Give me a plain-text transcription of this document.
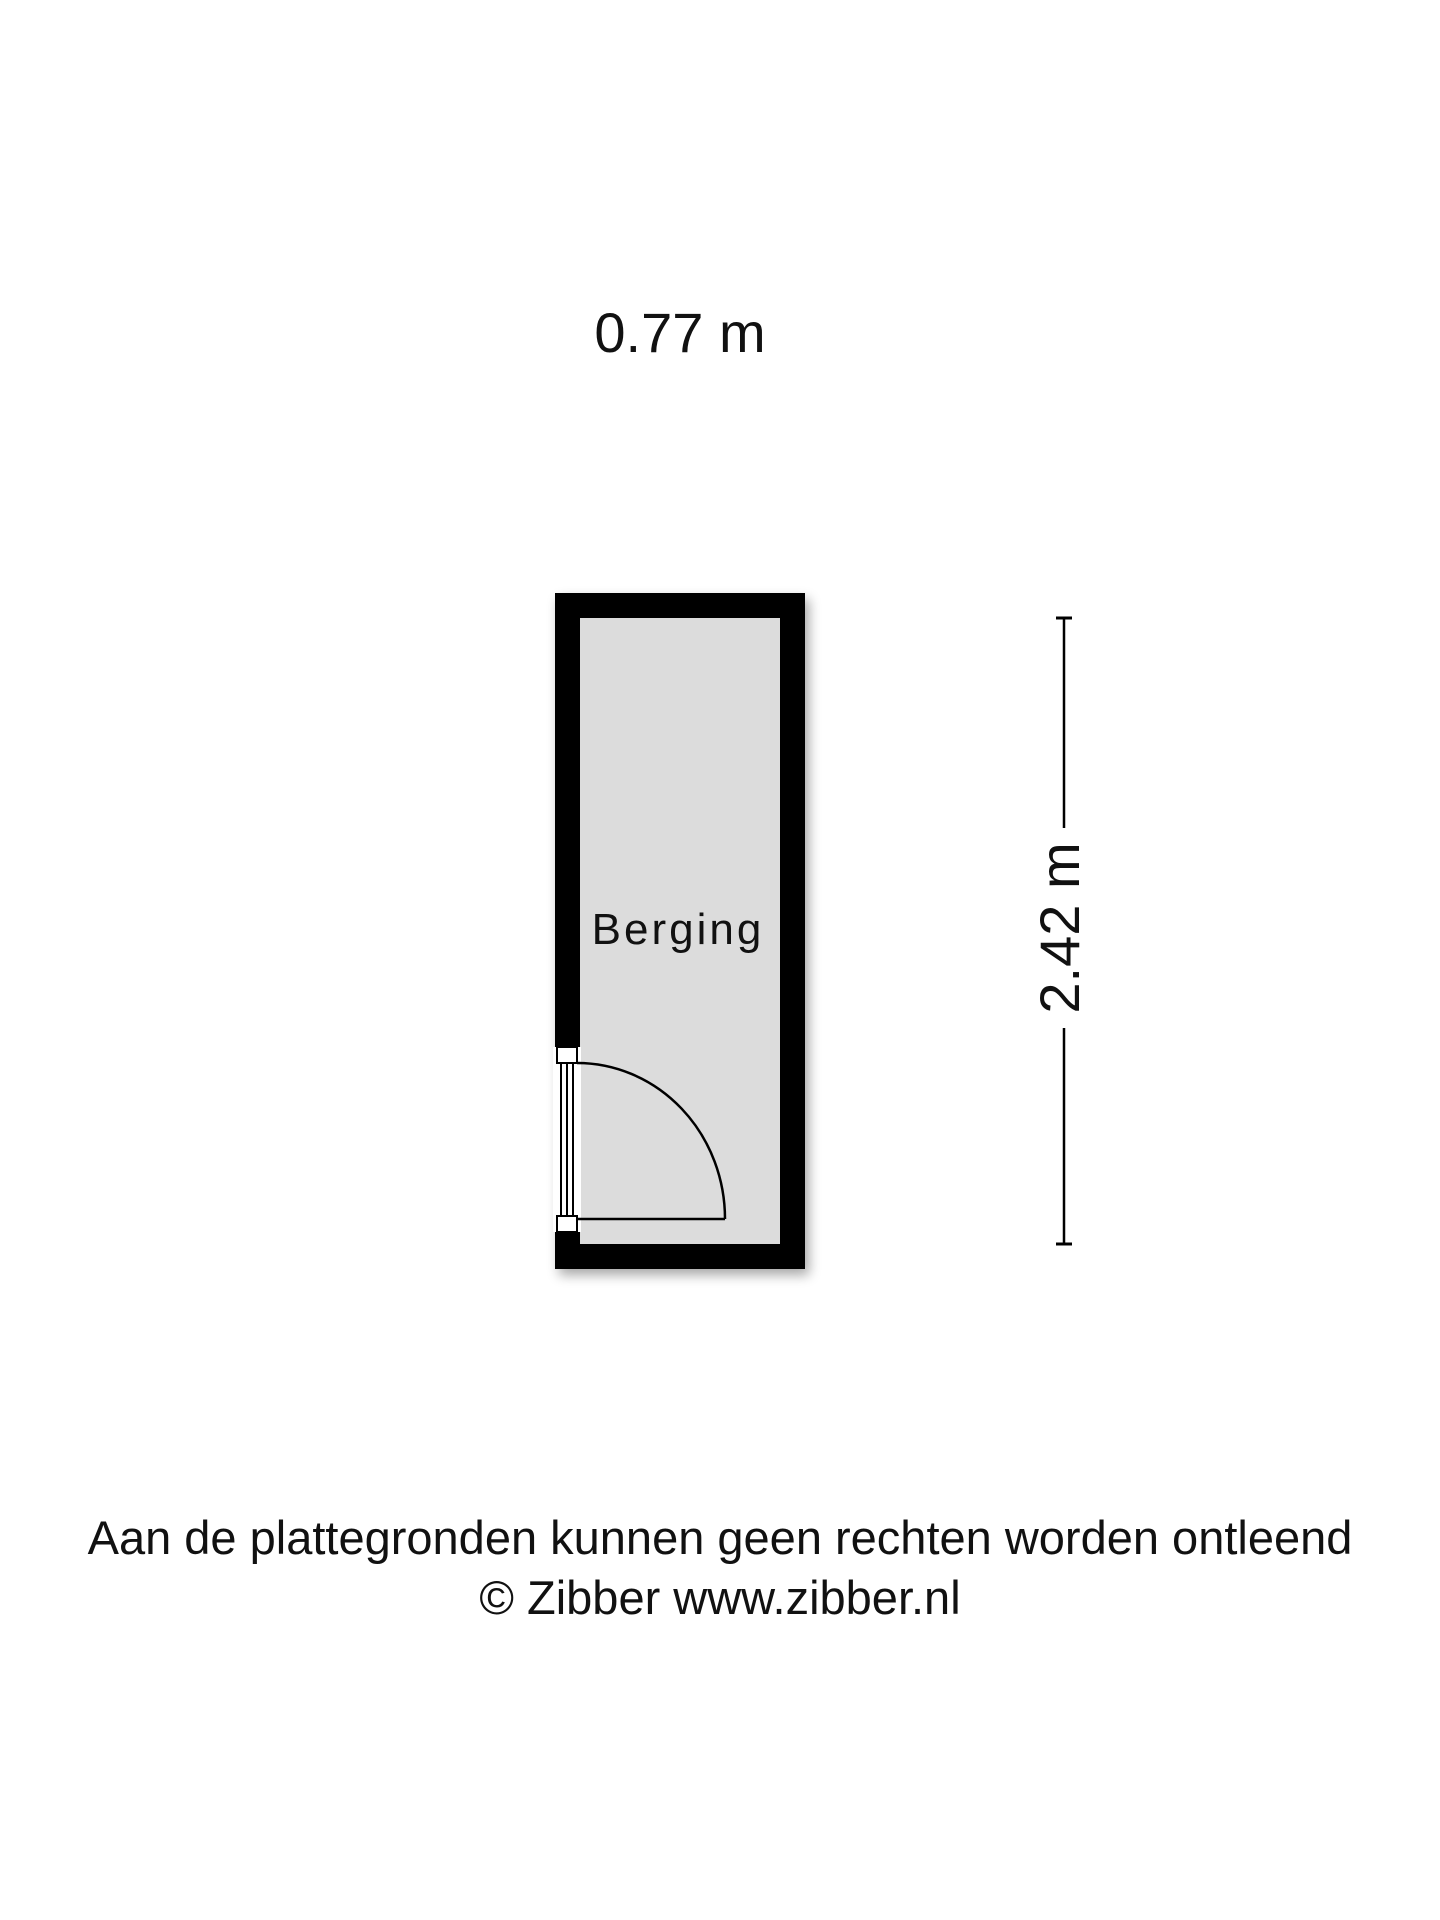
0.77 m
Berging	2.42 m
Aan de plattegronden kunnen geen rechten worden ontleend
© Zibber www.zibber.nl
